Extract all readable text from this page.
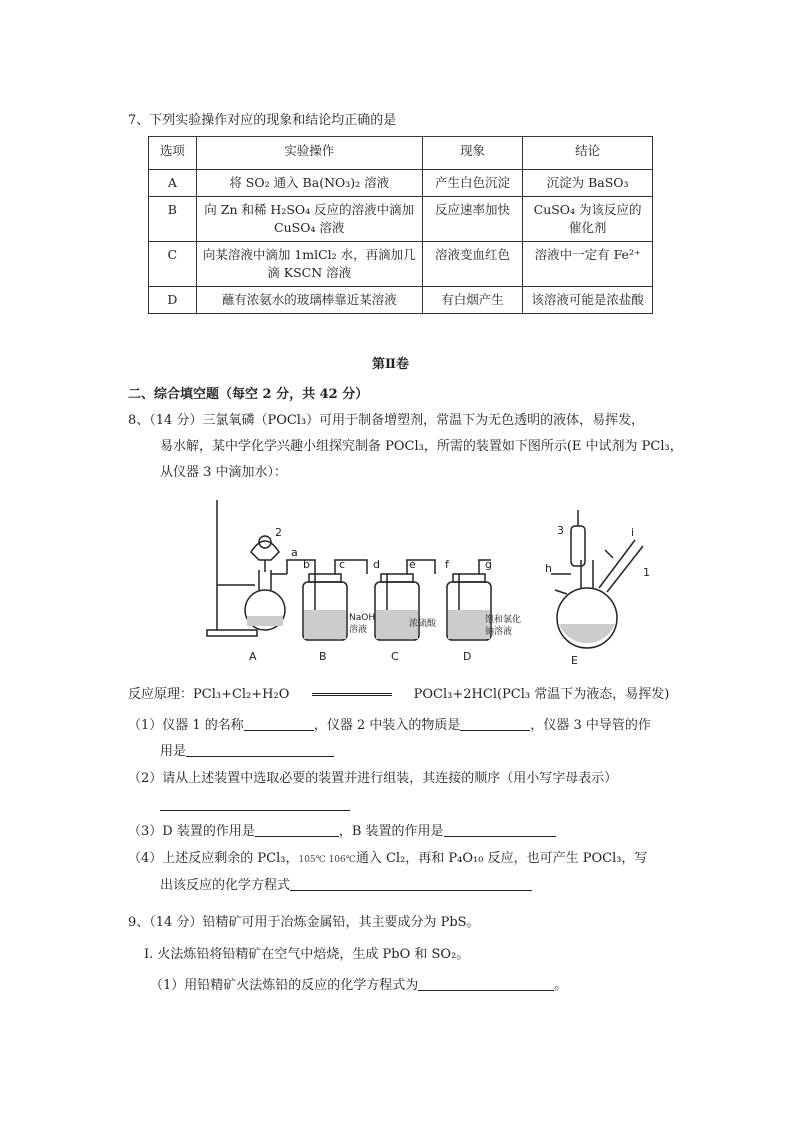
7、下列实验操作对应的现象和结论均正确的是
选项	实验操作	现象	结论
A	将 SO₂ 通入 Ba(NO₃)₂ 溶液	产生白色沉淀	沉淀为 BaSO₃
B	向 Zn 和稀 H₂SO₄ 反应的溶液中滴加 CuSO₄ 溶液	反应速率加快	CuSO₄ 为该反应的催化剂
C	向某溶液中滴加 1mlCl₂ 水，再滴加几滴 KSCN 溶液	溶液变血红色	溶液中一定有 Fe²⁺
D	蘸有浓氨水的玻璃棒靠近某溶液	有白烟产生	该溶液可能是浓盐酸
第Ⅱ卷
二、综合填空题（每空 2 分，共 42 分）
8、（14 分）三氯氧磷（POCl₃）可用于制备增塑剂，常温下为无色透明的液体，易挥发，
易水解，某中学化学兴趣小组探究制备 POCl₃，所需的装置如下图所示(E 中试剂为 PCl₃，
从仪器 3 中滴加水）：
2
a
b	c	d	e	f	g	h
i
3
1
NaOH
溶液
浓硫酸	饱和氯化
钠溶液
A	B	C	D	E
反应原理：PCl₃+Cl₂+H₂O	POCl₃+2HCl(PCl₃ 常温下为液态，易挥发)
（1）仪器 1 的名称	，仪器 2 中装入的物质是	，仪器 3 中导管的作
用是
（2）请从上述装置中选取必要的装置并进行组装，其连接的顺序（用小写字母表示）
（3）D 装置的作用是	，B 装置的作用是
（4）上述反应剩余的 PCl₃，105℃ 106℃通入 Cl₂，再和 P₄O₁₀ 反应，也可产生 POCl₃，写
出该反应的化学方程式
9、（14 分）铅精矿可用于冶炼金属铅，其主要成分为 PbS。
Ⅰ. 火法炼铅将铅精矿在空气中焙烧，生成 PbO 和 SO₂。
（1）用铅精矿火法炼铅的反应的化学方程式为	。
